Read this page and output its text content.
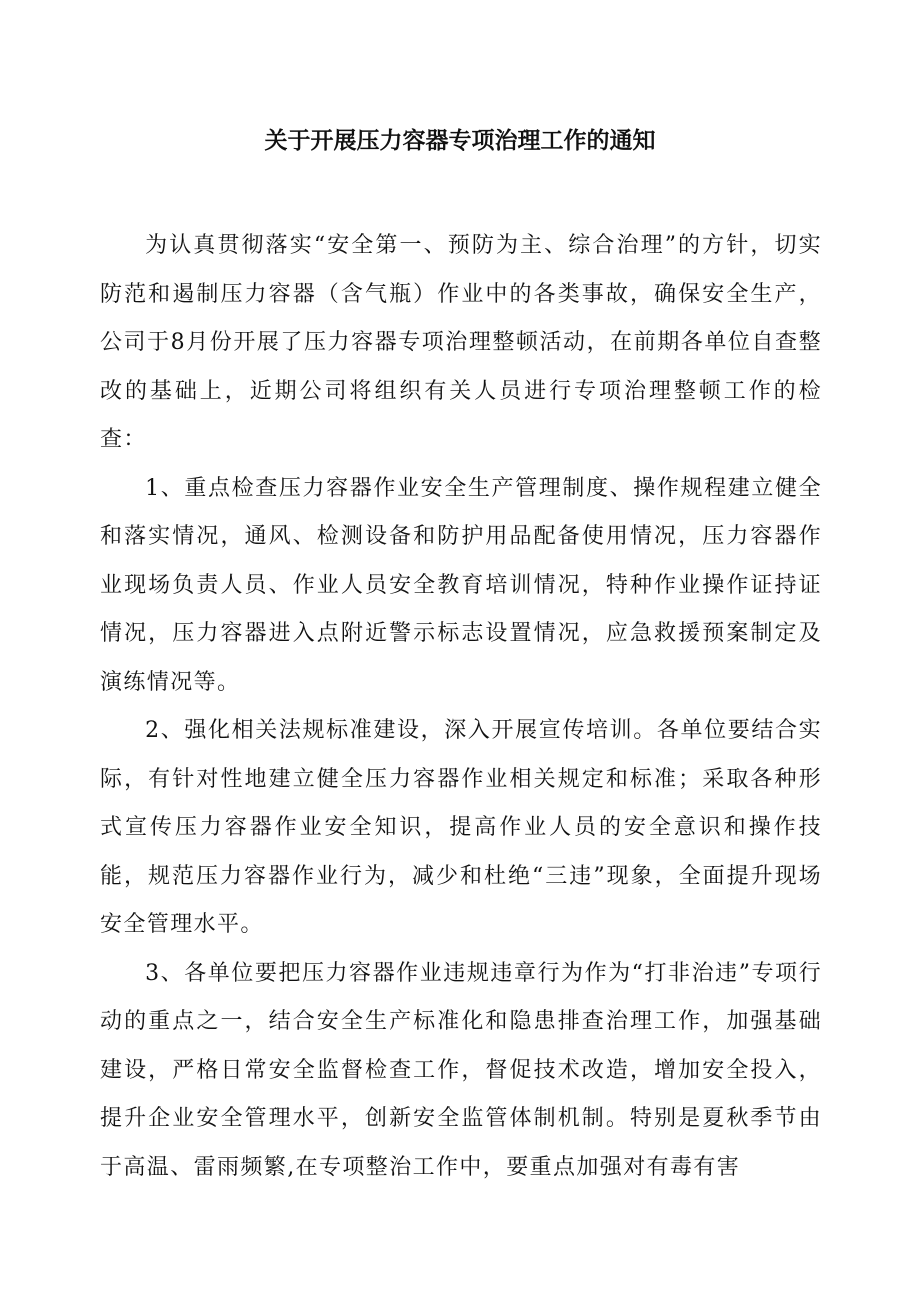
关于开展压力容器专项治理工作的通知

为认真贯彻落实“安全第一、预防为主、综合治理”的方针，切实防范和遏制压力容器（含气瓶）作业中的各类事故，确保安全生产，公司于8月份开展了压力容器专项治理整顿活动，在前期各单位自查整改的基础上，近期公司将组织有关人员进行专项治理整顿工作的检查：

1、重点检查压力容器作业安全生产管理制度、操作规程建立健全和落实情况，通风、检测设备和防护用品配备使用情况，压力容器作业现场负责人员、作业人员安全教育培训情况，特种作业操作证持证情况，压力容器进入点附近警示标志设置情况，应急救援预案制定及演练情况等。

2、强化相关法规标准建设，深入开展宣传培训。各单位要结合实际，有针对性地建立健全压力容器作业相关规定和标准；采取各种形式宣传压力容器作业安全知识，提高作业人员的安全意识和操作技能，规范压力容器作业行为，减少和杜绝“三违”现象，全面提升现场安全管理水平。

3、各单位要把压力容器作业违规违章行为作为“打非治违”专项行动的重点之一，结合安全生产标准化和隐患排查治理工作，加强基础建设，严格日常安全监督检查工作，督促技术改造，增加安全投入，提升企业安全管理水平，创新安全监管体制机制。特别是夏秋季节由于高温、雷雨频繁,在专项整治工作中，要重点加强对有毒有害
